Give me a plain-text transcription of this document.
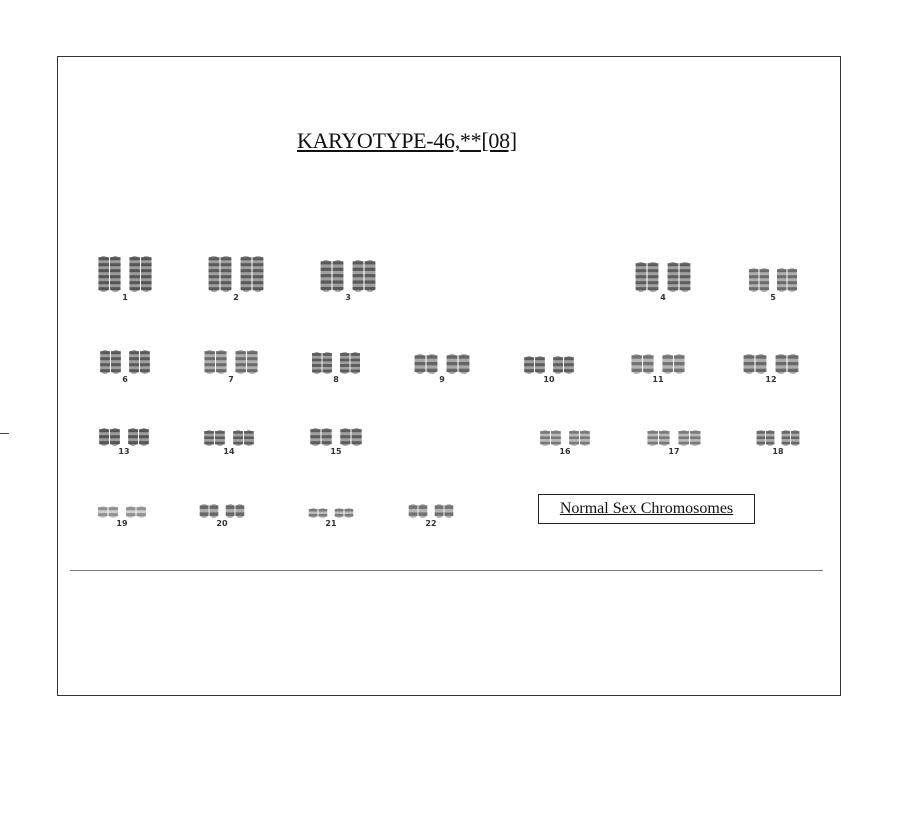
KARYOTYPE-46,**[08]
1	2	3	4	5
6	7	8	9	10	11	12
13	14	15	16	17	18
19	20	21	22
Normal Sex Chromosomes
